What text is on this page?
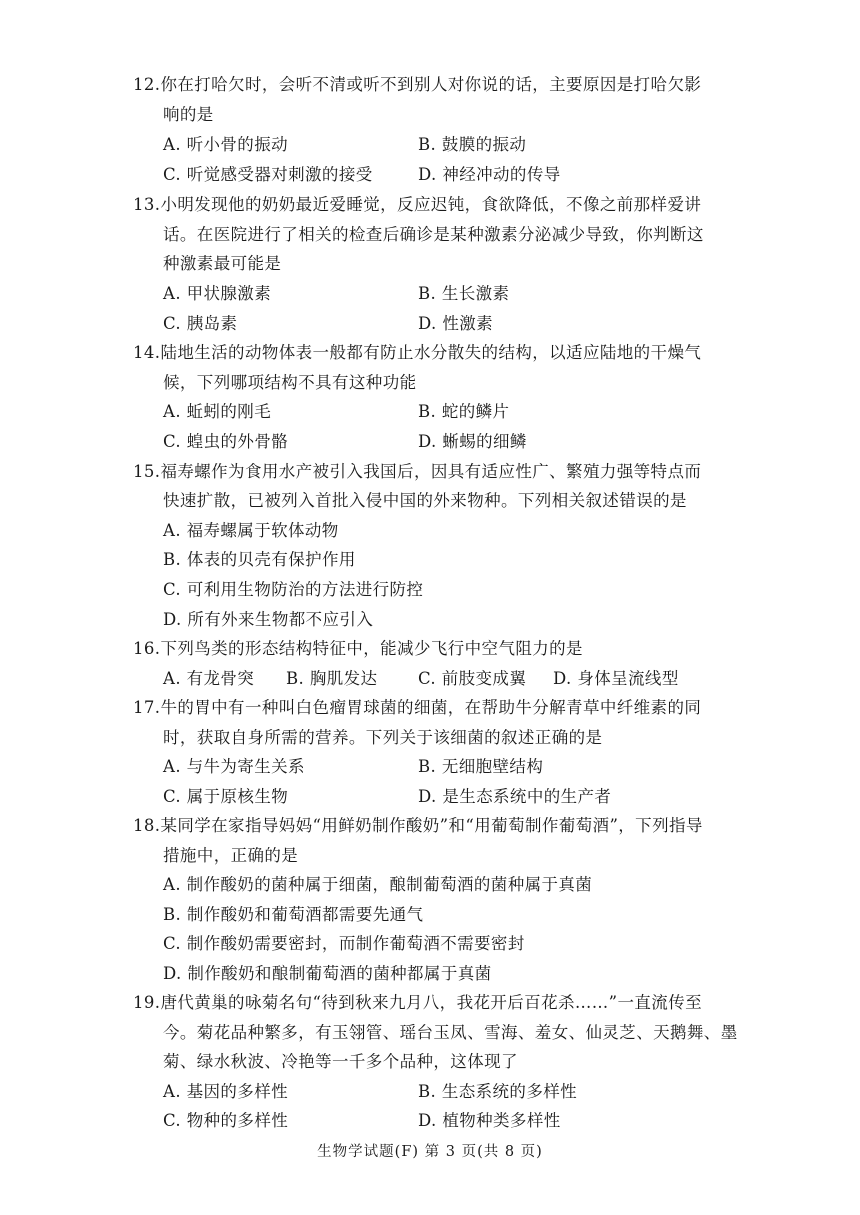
12.你在打哈欠时，会听不清或听不到别人对你说的话，主要原因是打哈欠影
响的是
A. 听小骨的振动	B. 鼓膜的振动
C. 听觉感受器对刺激的接受	D. 神经冲动的传导
13.小明发现他的奶奶最近爱睡觉，反应迟钝，食欲降低，不像之前那样爱讲
话。在医院进行了相关的检查后确诊是某种激素分泌减少导致，你判断这
种激素最可能是
A. 甲状腺激素	B. 生长激素
C. 胰岛素	D. 性激素
14.陆地生活的动物体表一般都有防止水分散失的结构，以适应陆地的干燥气
候，下列哪项结构不具有这种功能
A. 蚯蚓的刚毛	B. 蛇的鳞片
C. 蝗虫的外骨骼	D. 蜥蜴的细鳞
15.福寿螺作为食用水产被引入我国后，因具有适应性广、繁殖力强等特点而
快速扩散，已被列入首批入侵中国的外来物种。下列相关叙述错误的是
A. 福寿螺属于软体动物
B. 体表的贝壳有保护作用
C. 可利用生物防治的方法进行防控
D. 所有外来生物都不应引入
16.下列鸟类的形态结构特征中，能减少飞行中空气阻力的是
A. 有龙骨突 B. 胸肌发达 C. 前肢变成翼 D. 身体呈流线型
17.牛的胃中有一种叫白色瘤胃球菌的细菌，在帮助牛分解青草中纤维素的同
时，获取自身所需的营养。下列关于该细菌的叙述正确的是
A. 与牛为寄生关系	B. 无细胞壁结构
C. 属于原核生物	D. 是生态系统中的生产者
18.某同学在家指导妈妈“用鲜奶制作酸奶”和“用葡萄制作葡萄酒”，下列指导
措施中，正确的是
A. 制作酸奶的菌种属于细菌，酿制葡萄酒的菌种属于真菌
B. 制作酸奶和葡萄酒都需要先通气
C. 制作酸奶需要密封，而制作葡萄酒不需要密封
D. 制作酸奶和酿制葡萄酒的菌种都属于真菌
19.唐代黄巢的咏菊名句“待到秋来九月八，我花开后百花杀……”一直流传至
今。菊花品种繁多，有玉翎管、瑶台玉凤、雪海、羞女、仙灵芝、天鹅舞、墨
菊、绿水秋波、冷艳等一千多个品种，这体现了
A. 基因的多样性	B. 生态系统的多样性
C. 物种的多样性	D. 植物种类多样性
生物学试题(F) 第 3 页(共 8 页)
